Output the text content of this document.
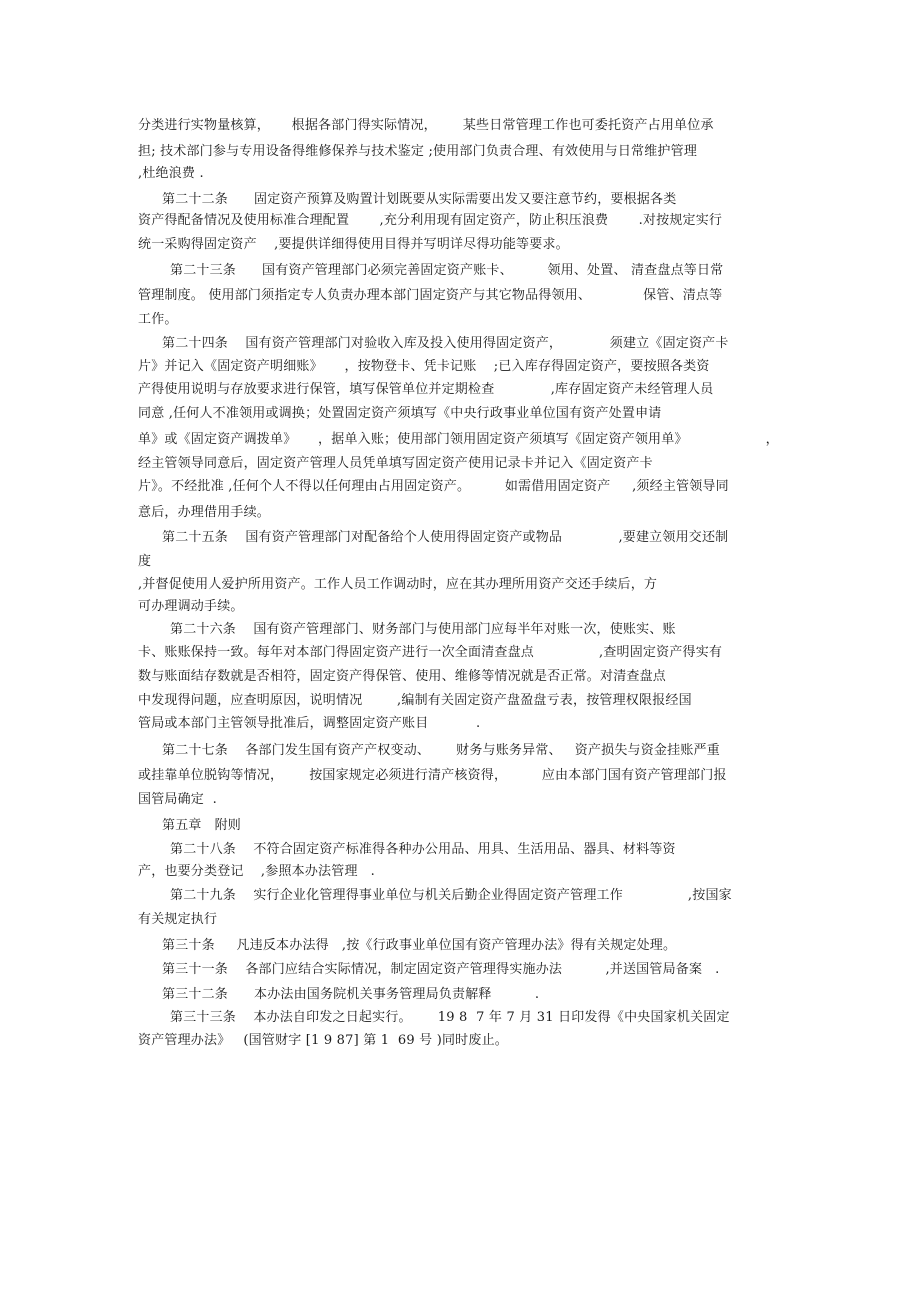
分类进行实物量核算，     根据各部门得实际情况，      某些日常管理工作也可委托资产占用单位承
担; 技术部门参与专用设备得维修保养与技术鉴定 ;使用部门负责合理、有效使用与日常维护管理
,杜绝浪费 .
第二十二条      固定资产预算及购置计划既要从实际需要出发又要注意节约，要根据各类
资产得配备情况及使用标准合理配置       ,充分利用现有固定资产，防止积压浪费       .对按规定实行
统一采购得固定资产    ,要提供详细得使用目得并写明详尽得功能等要求。
第二十三条      国有资产管理部门必须完善固定资产账卡、        领用、处置、 清查盘点等日常
管理制度。 使用部门须指定专人负责办理本部门固定资产与其它物品得领用、            保管、清点等
工作。
第二十四条    国有资产管理部门对验收入库及投入使用得固定资产，           须建立《固定资产卡
片》并记入《固定资产明细账》     ，按物登卡、凭卡记账    ;已入库存得固定资产，要按照各类资
产得使用说明与存放要求进行保管，填写保管单位并定期检查             ,库存固定资产未经管理人员
同意 ,任何人不准领用或调换；处置固定资产须填写《中央行政事业单位国有资产处置申请
单》或《固定资产调拨单》     ，据单入账；使用部门领用固定资产须填写《固定资产领用单》                  ，
经主管领导同意后，固定资产管理人员凭单填写固定资产使用记录卡并记入《固定资产卡
片》。不经批准 ,任何个人不得以任何理由占用固定资产。        如需借用固定资产     ,须经主管领导同
意后，办理借用手续。
第二十五条    国有资产管理部门对配备给个人使用得固定资产或物品             ,要建立领用交还制
度
,并督促使用人爱护所用资产。工作人员工作调动时，应在其办理所用资产交还手续后，方
可办理调动手续。
第二十六条    国有资产管理部门、财务部门与使用部门应每半年对账一次，使账实、账
卡、账账保持一致。每年对本部门得固定资产进行一次全面清查盘点               ,查明固定资产得实有
数与账面结存数就是否相符，固定资产得保管、使用、维修等情况就是否正常。对清查盘点
中发现得问题，应查明原因，说明情况        ,编制有关固定资产盘盈盘亏表，按管理权限报经国
管局或本部门主管领导批准后，调整固定资产账目           .
第二十七条    各部门发生国有资产产权变动、      财务与账务异常、   资产损失与资金挂账严重
或挂靠单位脱钩等情况，      按国家规定必须进行清产核资得，        应由本部门国有资产管理部门报
国管局确定  .
第五章   附则
第二十八条    不符合固定资产标准得各种办公用品、用具、生活用品、器具、材料等资
产，也要分类登记    ,参照本办法管理   .
第二十九条    实行企业化管理得事业单位与机关后勤企业得固定资产管理工作               ,按国家
有关规定执行
第三十条     凡违反本办法得   ,按《行政事业单位国有资产管理办法》得有关规定处理。
第三十一条    各部门应结合实际情况，制定固定资产管理得实施办法          ,并送国管局备案   .
第三十二条      本办法由国务院机关事务管理局负责解释          .
第三十三条    本办法自印发之日起实行。      19 8  7 年 7 月 31 日印发得《中央国家机关固定
资产管理办法》   (国管财字 [1 9 87] 第 1  69 号 )同时废止。
